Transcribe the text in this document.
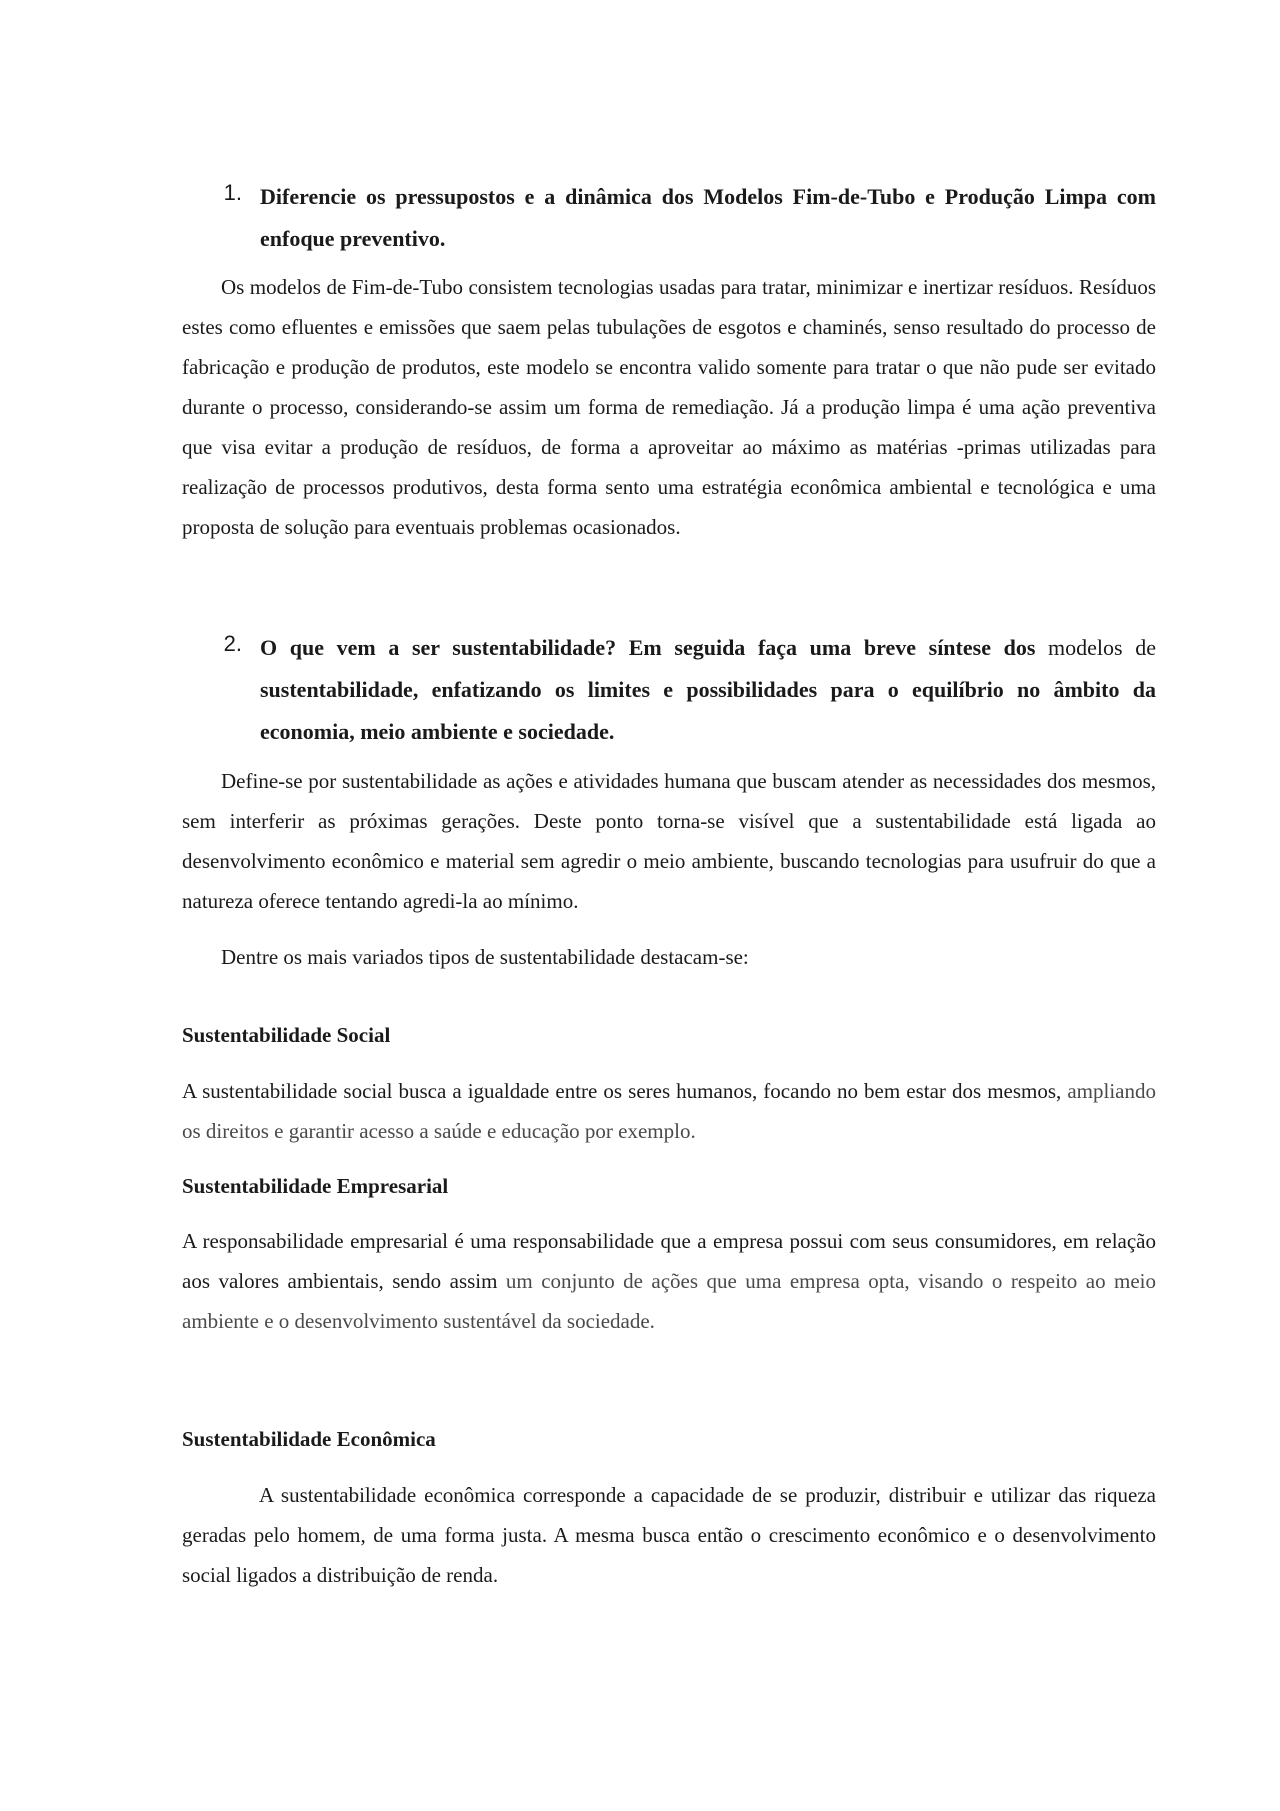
1. Diferencie os pressupostos e a dinâmica dos Modelos Fim-de-Tubo e Produção Limpa com enfoque preventivo.

Os modelos de Fim-de-Tubo consistem tecnologias usadas para tratar, minimizar e inertizar resíduos. Resíduos estes como efluentes e emissões que saem pelas tubulações de esgotos e chaminés, senso resultado do processo de fabricação e produção de produtos, este modelo se encontra valido somente para tratar o que não pude ser evitado durante o processo, considerando-se assim um forma de remediação. Já a produção limpa é uma ação preventiva que visa evitar a produção de resíduos, de forma a aproveitar ao máximo as matérias -primas utilizadas para realização de processos produtivos, desta forma sento uma estratégia econômica ambiental e tecnológica e uma proposta de solução para eventuais problemas ocasionados.

2. O que vem a ser sustentabilidade? Em seguida faça uma breve síntese dos modelos de sustentabilidade, enfatizando os limites e possibilidades para o equilíbrio no âmbito da economia, meio ambiente e sociedade.

Define-se por sustentabilidade as ações e atividades humana que buscam atender as necessidades dos mesmos, sem interferir as próximas gerações. Deste ponto torna-se visível que a sustentabilidade está ligada ao desenvolvimento econômico e material sem agredir o meio ambiente, buscando tecnologias para usufruir do que a natureza oferece tentando agredi-la ao mínimo.

Dentre os mais variados tipos de sustentabilidade destacam-se:

Sustentabilidade Social

A sustentabilidade social busca a igualdade entre os seres humanos, focando no bem estar dos mesmos, ampliando os direitos e garantir acesso a saúde e educação por exemplo.

Sustentabilidade Empresarial

A responsabilidade empresarial é uma responsabilidade que a empresa possui com seus consumidores, em relação aos valores ambientais, sendo assim um conjunto de ações que uma empresa opta, visando o respeito ao meio ambiente e o desenvolvimento sustentável da sociedade.

Sustentabilidade Econômica

A sustentabilidade econômica corresponde a capacidade de se produzir, distribuir e utilizar das riqueza geradas pelo homem, de uma forma justa. A mesma busca então o crescimento econômico e o desenvolvimento social ligados a distribuição de renda.
